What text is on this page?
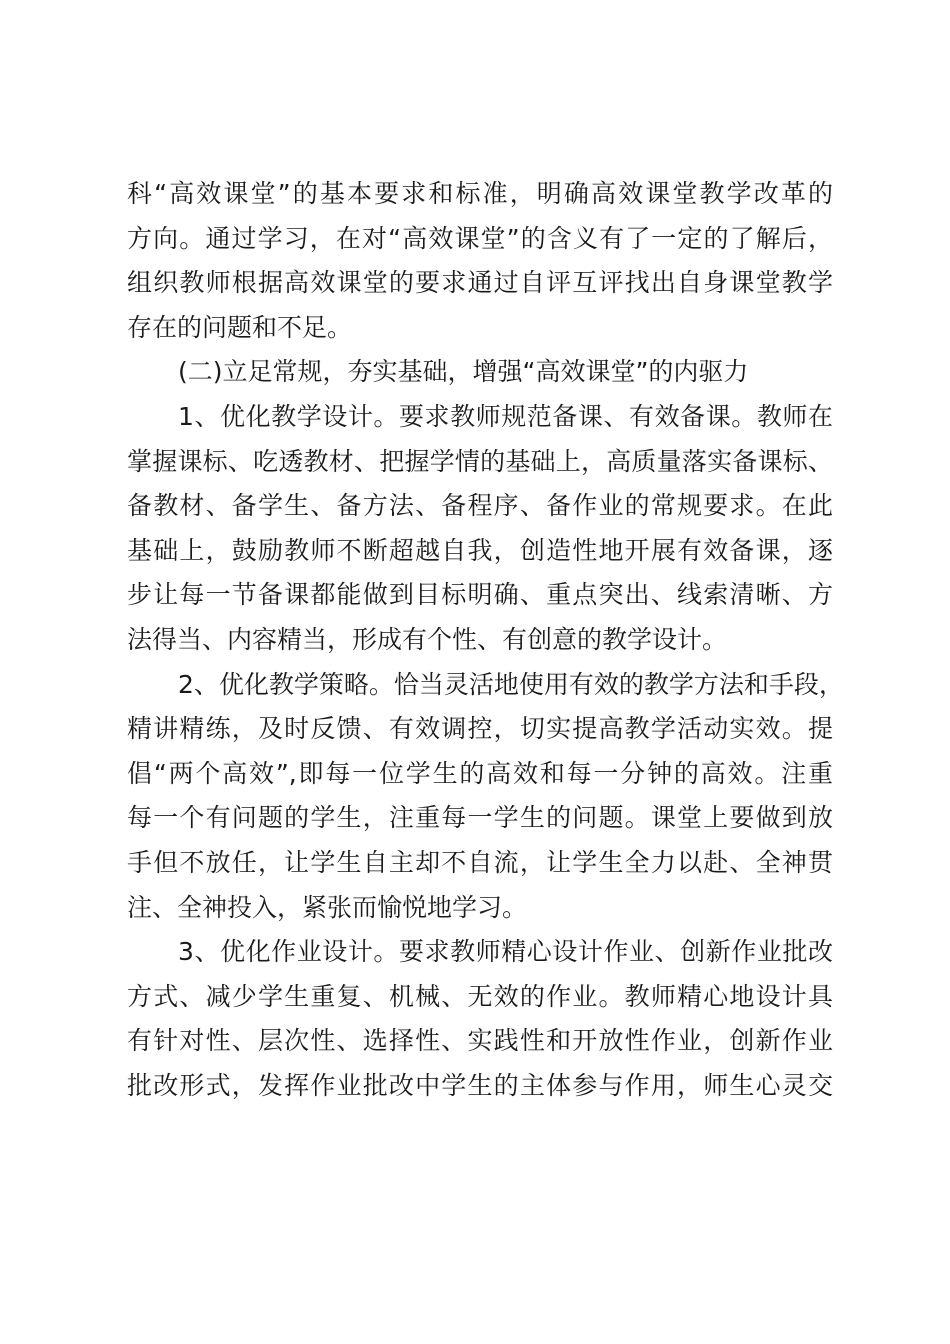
科“高效课堂”的基本要求和标准，明确高效课堂教学改革的
方向。通过学习，在对“高效课堂”的含义有了一定的了解后，
组织教师根据高效课堂的要求通过自评互评找出自身课堂教学
存在的问题和不足。
(二)立足常规，夯实基础，增强“高效课堂”的内驱力
1、优化教学设计。要求教师规范备课、有效备课。教师在
掌握课标、吃透教材、把握学情的基础上，高质量落实备课标、
备教材、备学生、备方法、备程序、备作业的常规要求。在此
基础上，鼓励教师不断超越自我，创造性地开展有效备课，逐
步让每一节备课都能做到目标明确、重点突出、线索清晰、方
法得当、内容精当，形成有个性、有创意的教学设计。
2、优化教学策略。恰当灵活地使用有效的教学方法和手段，
精讲精练，及时反馈、有效调控，切实提高教学活动实效。提
倡“两个高效”,即每一位学生的高效和每一分钟的高效。注重
每一个有问题的学生，注重每一学生的问题。课堂上要做到放
手但不放任，让学生自主却不自流，让学生全力以赴、全神贯
注、全神投入，紧张而愉悦地学习。
3、优化作业设计。要求教师精心设计作业、创新作业批改
方式、减少学生重复、机械、无效的作业。教师精心地设计具
有针对性、层次性、选择性、实践性和开放性作业，创新作业
批改形式，发挥作业批改中学生的主体参与作用，师生心灵交
